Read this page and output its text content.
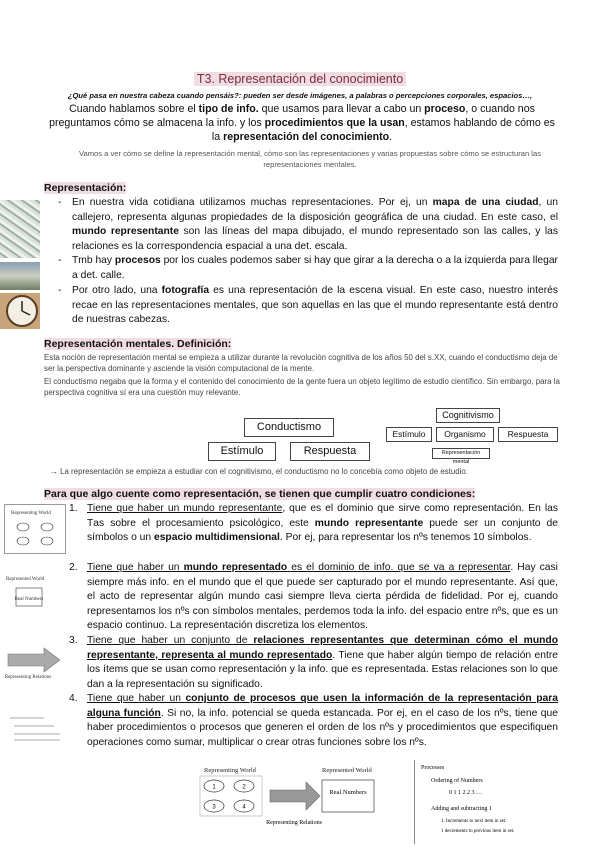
T3. Representación del conocimiento
¿Qué pasa en nuestra cabeza cuando pensáis?: pueden ser desde imágenes, a palabras o percepciones corporales, espacios…,
Cuando hablamos sobre el tipo de info. que usamos para llevar a cabo un proceso, o cuando nos preguntamos cómo se almacena la info. y los procedimientos que la usan, estamos hablando de cómo es la representación del conocimiento.
Vamos a ver cómo se define la representación mental, cómo son las representaciones y varias propuestas sobre cómo se estructuran las representaciones mentales.
Representación:
- En nuestra vida cotidiana utilizamos muchas representaciones. Por ej, un mapa de una ciudad, un callejero, representa algunas propiedades de la disposición geográfica de una ciudad. En este caso, el mundo representante son las líneas del mapa dibujado, el mundo representado son las calles, y las relaciones es la correspondencia espacial a una det. escala.
- Tmb hay procesos por los cuales podemos saber si hay que girar a la derecha o a la izquierda para llegar a det. calle.
- Por otro lado, una fotografía es una representación de la escena visual. En este caso, nuestro interés recae en las representaciones mentales, que son aquellas en las que el mundo representante está dentro de nuestras cabezas.
Representación mentales. Definición:
Esta noción de representación mental se empieza a utilizar durante la revolución cognitiva de los años 50 del s.XX, cuando el conductismo deja de ser la perspectiva dominante y asciende la visión computacional de la mente.
El conductismo negaba que la forma y el contenido del conocimiento de la gente fuera un objeto legítimo de estudio científico. Sin embargo, para la perspectiva cognitiva sí era una cuestión muy relevante.
Conductismo
Estímulo	Respuesta
Cognitivismo
Estímulo	Organismo	Respuesta
Representación mental
→ La representación se empieza a estudiar con el cognitivismo, el conductismo no lo concebía como objeto de estudio.
Para que algo cuente como representación, se tienen que cumplir cuatro condiciones:
Representing World
Represented World
Real Numbers
Representing Relations
1. Tiene que haber un mundo representante, que es el dominio que sirve como representación. En las Tas sobre el procesamiento psicológico, este mundo representante puede ser un conjunto de símbolos o un espacio multidimensional. Por ej, para representar los nºs tenemos 10 símbolos.
2. Tiene que haber un mundo representado es el dominio de info. que se va a representar. Hay casi siempre más info. en el mundo que el que puede ser capturado por el mundo representante. Así que, el acto de representar algún mundo casi siempre lleva cierta pérdida de fidelidad. Por ej, cuando representamos los nºs con símbolos mentales, perdemos toda la info. del espacio entre nºs, que es un espacio continuo. La representación discretiza los elementos.
3. Tiene que haber un conjunto de relaciones representantes que determinan cómo el mundo representante, representa al mundo representado. Tiene que haber algún tiempo de relación entre los ítems que se usan como representación y la info. que es representada. Estas relaciones son lo que dan a la representación su significado.
4. Tiene que haber un conjunto de procesos que usen la información de la representación para alguna función. Si no, la info. potencial se queda estancada. Por ej, en el caso de los nºs, tiene que haber procedimientos o procesos que generen el orden de los nºs y procedimientos que especifiquen operaciones como sumar, multiplicar o crear otras funciones sobre los nºs.
Representing World	Represented World
1	2
3	4
Real Numbers
Representing Relations
Processes
Ordering of Numbers
0 1 1 2 2 3 …
Adding and subtracting 1
1. Increments to next item in set.
1 decrements to previous item in set.
